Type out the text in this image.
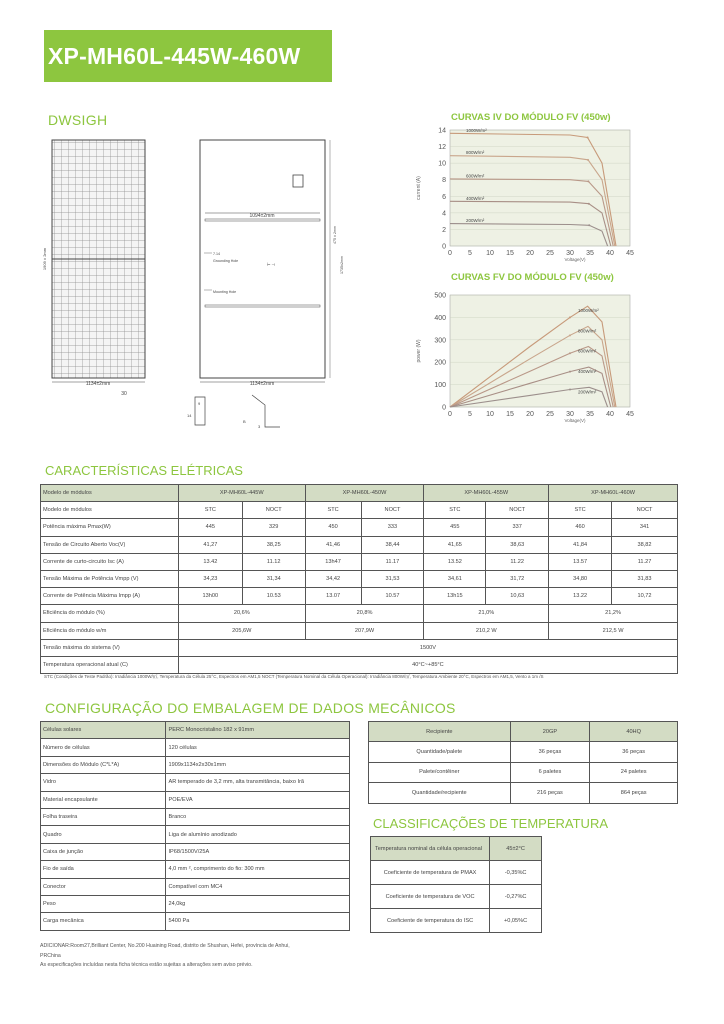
XP-MH60L-445W-460W
DWSIGH
1909 ± 2mm
1134±2mm
30
1094±2mm
7.14
Grounding Hole
Mounting Hole
⊢ ⊣
475 ± 2mm
1735±2mm
1134±2mm
9
14
B
3
CURVAS IV DO MÓDULO FV (450w)
14
12
10
8
6
4
2
0
0 5 10 15 20 25 30 35 40 45
current (A)
Voltage(V)
1000W/m²
800W/m²
600W/m²
400W/m²
200W/m²
CURVAS FV DO MÓDULO FV (450w)
500
400
300
200
100
0
0 5 10 15 20 25 30 35 40 45
power (W)
Voltage(V)
1000W/m²
800W/m²
600W/m²
400W/m²
200W/m²
CARACTERÍSTICAS ELÉTRICAS
Modelo de módulos	XP-MH60L-445W		XP-MH60L-450W		XP-MH60L-455W		XP-MH60L-460W	
Modelo de módulos	STC	NOCT	STC	NOCT	STC	NOCT	STC	NOCT
Potência máxima Pmax(W)	445	329	450	333	455	337	460	341
Tensão de Circuito Aberto Voc(V)	41,27	38,25	41,46	38,44	41,65	38,63	41,84	38,82
Corrente de curto-circuito Isc (A)	13.42	11.12	13h47	11.17	13.52	11.22	13.57	11.27
Tensão Máxima de Potência Vmpp (V)	34,23	31,34	34,42	31,53	34,61	31,72	34,80	31,83
Corrente de Potência Máxima Impp (A)	13h00	10.53	13.07	10.57	13h15	10,63	13.22	10,72
Eficiência do módulo (%)	20,6%		20,8%		21,0%		21,2%	
Eficiência do módulo w/m	205,6W		207,9W		210,2 W		212,5 W	
Tensão máxima do sistema (V)	1500V							
Temperatura operacional atual (C)	40°C~+85°C							
STC (Condições de Teste Padrão): Irradiância 1000W/㎡, Temperatura da Célula 25°C, Espectros em AM1,5 NOCT (Temperatura Nominal da Célula Operacional): Irradiância 800W/㎡, Temperatura Ambiente 20°C, Espectros em AM1,5, Vento a 1m /S
CONFIGURAÇÃO DO EMBALAGEM DE DADOS MECÂNICOS
Células solares	PERC Monocristalino 182 x 91mm
Número de células	120 células
Dimensões do Módulo (C*L*A)	1909x1134x2x30x1mm
Vidro	AR temperado de 3,2 mm, alta transmitância, baixo Irã
Material encapsulante	POE/EVA
Folha traseira	Branco
Quadro	Liga de alumínio anodizado
Caixa de junção	IP68/1500V/25A
Fio de saída	4,0 mm ², comprimento do fio: 300 mm
Conector	Compatível com MC4
Peso	24,0kg
Carga mecânica	5400 Pa
Recipiente	20GP	40HQ
Quantidade/palete	36 peças	36 peças
Palete/contêiner	6 paletes	24 paletes
Quantidade/recipiente	216 peças	864 peças
CLASSIFICAÇÕES DE TEMPERATURA
Temperatura nominal da célula operacional	45±2°C
Coeficiente de temperatura de PMAX	-0,35%C
Coeficiente de temperatura de VOC	-0,27%C
Coeficiente de temperatura do ISC	+0,05%C
ADICIONAR:Room27,Brilliant Center, No.200 Huaining Road, distrito de Shushan, Hefei, província de Anhui,
PRChina
As especificações incluídas nesta ficha técnica estão sujeitas a alterações sem aviso prévio.
